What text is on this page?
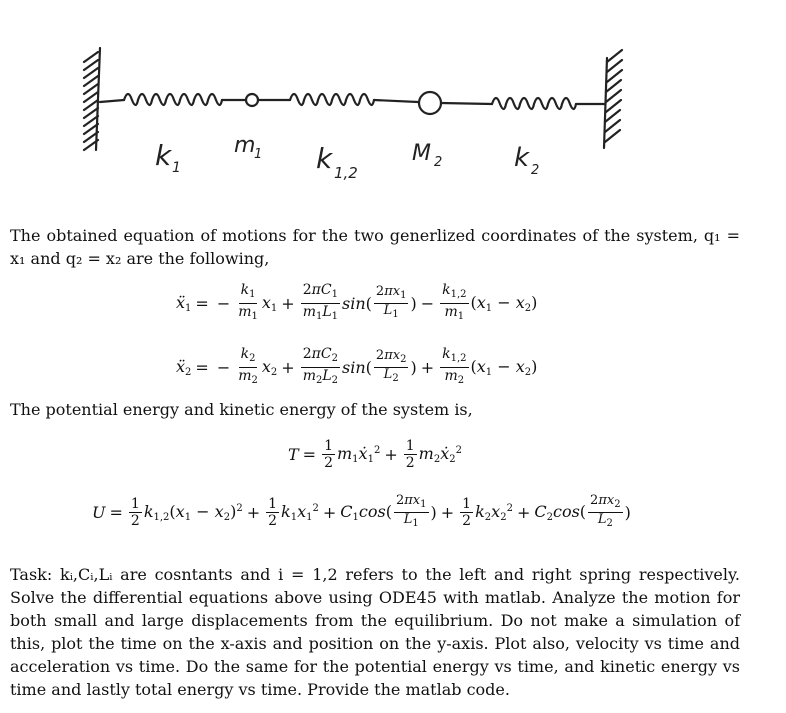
k 1
m
1 k 1,2
M 2	k 2
The obtained equation of motions for the two generlized coordinates of the system, q₁ = x₁ and q₂ = x₂ are the following,
ẍ$_1$ = − $\frac{k_1}{m_1} x_1 + \frac{2\pi C_1}{m_1L_1} \sin( \frac{2\pi x_1}{L_1}$ ) − $\frac{k_{1,2}}{m_1} (x_1 - x_2)$
ẍ$_2$ = − $\frac{k_2}{m_2} x_2 + \frac{2\pi C_2}{m_2L_2} \sin( \frac{2\pi x_2}{L_2}$ ) + $\frac{k_{1,2}}{m_2} (x_1 - x_2)$
The potential energy and kinetic energy of the system is,
$T = \frac{1}{2}$ $m_1ẋ_1^2 + \frac{1}{2}$ $m_2ẋ_2^2$
$U = \frac{1}{2} k_{1,2}(x_1 - x_2)^2 + \frac{1}{2} k_1x_1^2 + C_1\cos( \frac{2\pi x_1}{L_1}$ ) + $\frac{1}{2} k_2x_2^2 + C_2\cos( \frac{2\pi x_2}{L_2}$ )
Task: kᵢ,Cᵢ,Lᵢ are cosntants and i = 1,2 refers to the left and right spring respectively. Solve the differential equations above using ODE45 with matlab. Analyze the motion for both small and large displacements from the equilibrium. Do not make a simulation of this, plot the time on the x-axis and position on the y-axis. Plot also, velocity vs time and acceleration vs time. Do the same for the potential energy vs time, and kinetic energy vs time and lastly total energy vs time. Provide the matlab code.
